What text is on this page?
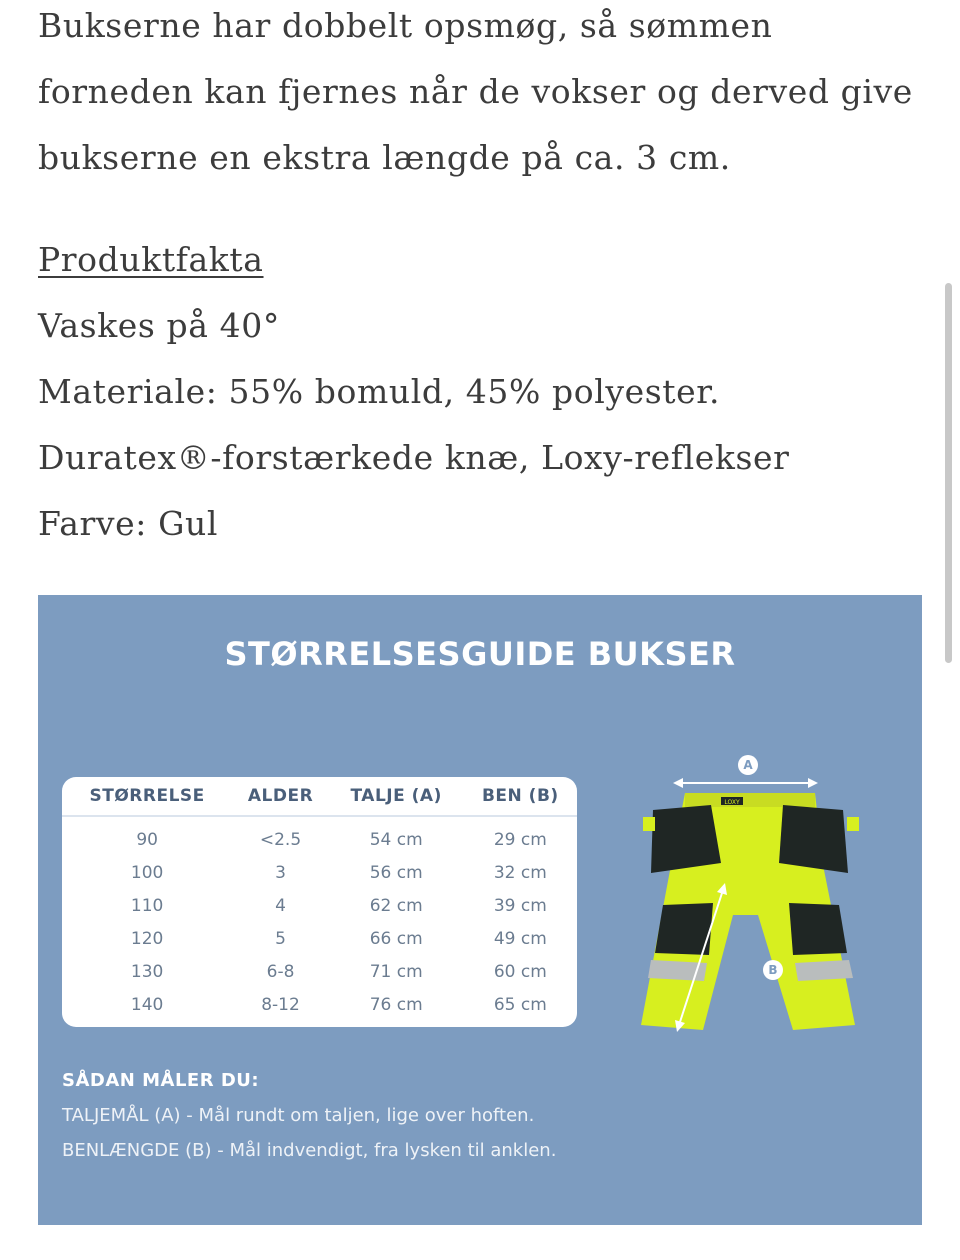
Bukserne har dobbelt opsmøg, så sømmen

forneden kan fjernes når de vokser og derved give

bukserne en ekstra længde på ca. 3 cm.

Produktfakta

Vaskes på 40°

Materiale: 55% bomuld, 45% polyester.

Duratex®-forstærkede knæ, Loxy-reflekser

Farve: Gul

STØRRELSESGUIDE BUKSER
STØRRELSE	ALDER	TALJE (A)	BEN (B)
90	<2.5	54 cm	29 cm
100	3	56 cm	32 cm
110	4	62 cm	39 cm
120	5	66 cm	49 cm
130	6-8	71 cm	60 cm
140	8-12	76 cm	65 cm
A
LOXY
B
SÅDAN MÅLER DU:
TALJEMÅL (A) - Mål rundt om taljen, lige over hoften.
BENLÆNGDE (B) - Mål indvendigt, fra lysken til anklen.
